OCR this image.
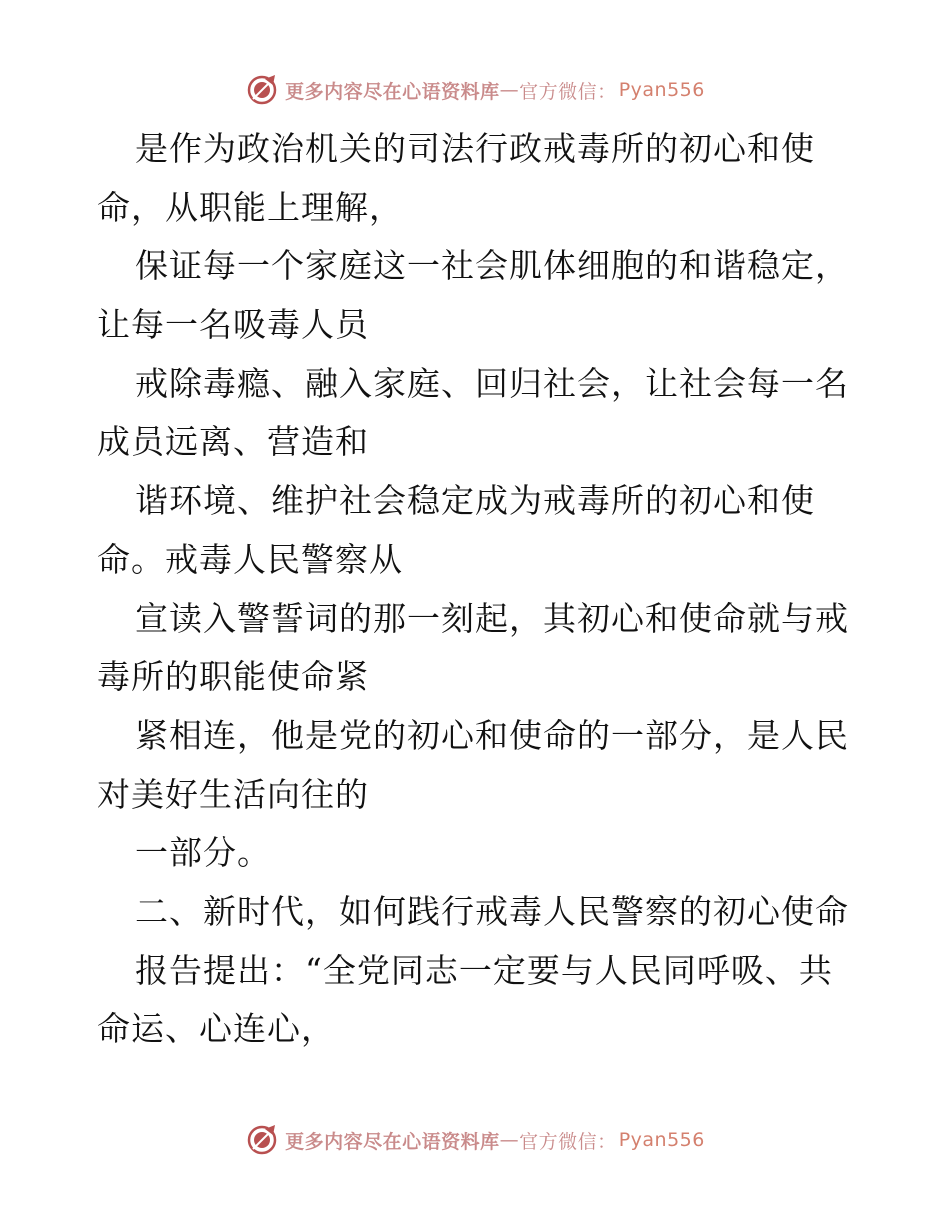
更多内容尽在心语资料库 — 官方微信： Pyan556
是作为政治机关的司法行政戒毒所的初心和使
命，从职能上理解，
保证每一个家庭这一社会肌体细胞的和谐稳定，
让每一名吸毒人员
戒除毒瘾、融入家庭、回归社会，让社会每一名
成员远离、营造和
谐环境、维护社会稳定成为戒毒所的初心和使
命。戒毒人民警察从
宣读入警誓词的那一刻起，其初心和使命就与戒
毒所的职能使命紧
紧相连，他是党的初心和使命的一部分，是人民
对美好生活向往的
一部分。
二、新时代，如何践行戒毒人民警察的初心使命
报告提出：“全党同志一定要与人民同呼吸、共
命运、心连心，
更多内容尽在心语资料库 — 官方微信： Pyan556
